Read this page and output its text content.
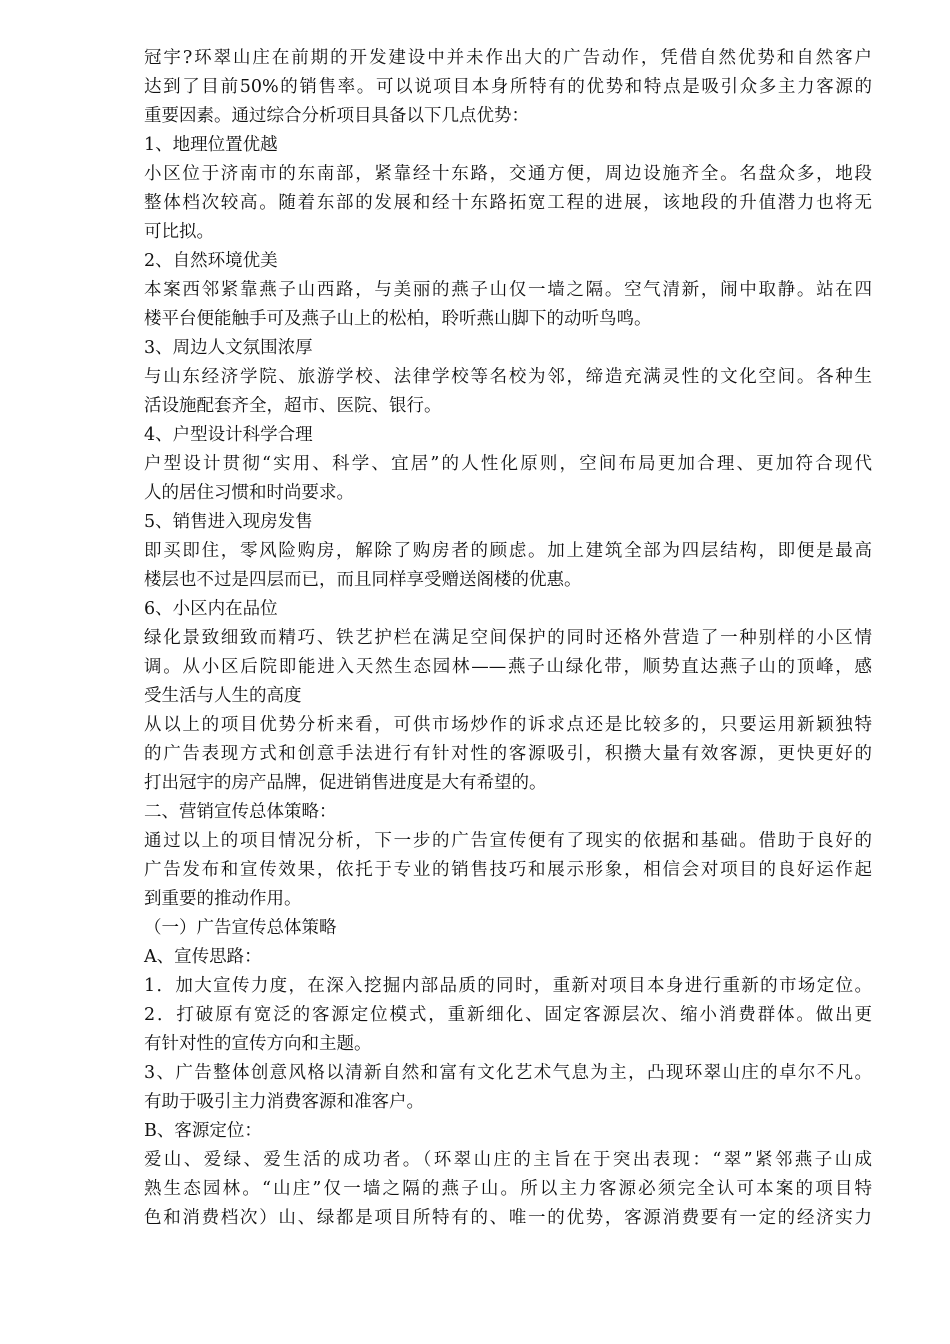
冠宇?环翠山庄在前期的开发建设中并未作出大的广告动作，凭借自然优势和自然客户
达到了目前50%的销售率。可以说项目本身所特有的优势和特点是吸引众多主力客源的
重要因素。通过综合分析项目具备以下几点优势：
1、地理位置优越
小区位于济南市的东南部，紧靠经十东路，交通方便，周边设施齐全。名盘众多，地段
整体档次较高。随着东部的发展和经十东路拓宽工程的进展，该地段的升值潜力也将无
可比拟。
2、自然环境优美
本案西邻紧靠燕子山西路，与美丽的燕子山仅一墙之隔。空气清新，闹中取静。站在四
楼平台便能触手可及燕子山上的松柏，聆听燕山脚下的动听鸟鸣。
3、周边人文氛围浓厚
与山东经济学院、旅游学校、法律学校等名校为邻，缔造充满灵性的文化空间。各种生
活设施配套齐全，超市、医院、银行。
4、户型设计科学合理
户型设计贯彻“实用、科学、宜居”的人性化原则，空间布局更加合理、更加符合现代
人的居住习惯和时尚要求。
5、销售进入现房发售
即买即住，零风险购房，解除了购房者的顾虑。加上建筑全部为四层结构，即便是最高
楼层也不过是四层而已，而且同样享受赠送阁楼的优惠。
6、小区内在品位
绿化景致细致而精巧、铁艺护栏在满足空间保护的同时还格外营造了一种别样的小区情
调。从小区后院即能进入天然生态园林——燕子山绿化带，顺势直达燕子山的顶峰，感
受生活与人生的高度
从以上的项目优势分析来看，可供市场炒作的诉求点还是比较多的，只要运用新颖独特
的广告表现方式和创意手法进行有针对性的客源吸引，积攒大量有效客源，更快更好的
打出冠宇的房产品牌，促进销售进度是大有希望的。
二、营销宣传总体策略：
通过以上的项目情况分析，下一步的广告宣传便有了现实的依据和基础。借助于良好的
广告发布和宣传效果，依托于专业的销售技巧和展示形象，相信会对项目的良好运作起
到重要的推动作用。
（一）广告宣传总体策略
A、宣传思路：
1．加大宣传力度，在深入挖掘内部品质的同时，重新对项目本身进行重新的市场定位。
2．打破原有宽泛的客源定位模式，重新细化、固定客源层次、缩小消费群体。做出更
有针对性的宣传方向和主题。
3、广告整体创意风格以清新自然和富有文化艺术气息为主，凸现环翠山庄的卓尔不凡。
有助于吸引主力消费客源和准客户。
B、客源定位：
爱山、爱绿、爱生活的成功者。（环翠山庄的主旨在于突出表现：“翠”紧邻燕子山成
熟生态园林。“山庄”仅一墙之隔的燕子山。所以主力客源必须完全认可本案的项目特
色和消费档次）山、绿都是项目所特有的、唯一的优势，客源消费要有一定的经济实力
